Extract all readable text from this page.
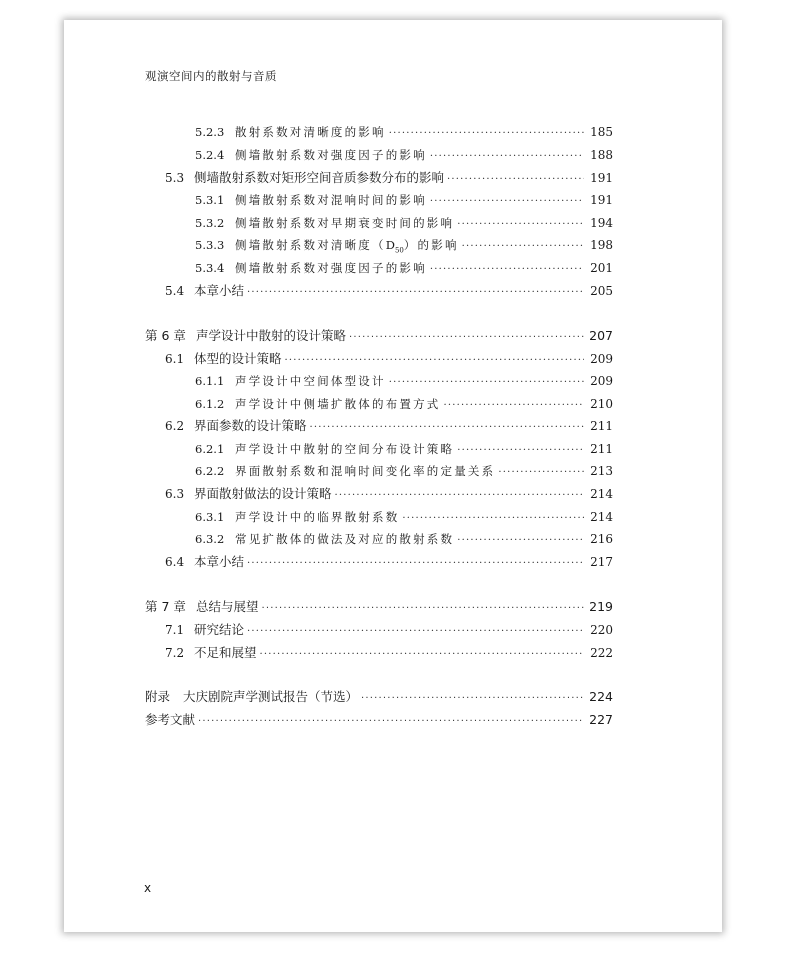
观演空间内的散射与音质
5.2.3 散射系数对清晰度的影响 ·····	185
5.2.4 侧墙散射系数对强度因子的影响 ·····	188
5.3 侧墙散射系数对矩形空间音质参数分布的影响 ·····	191
5.3.1 侧墙散射系数对混响时间的影响 ·····	191
5.3.2 侧墙散射系数对早期衰变时间的影响 ·····	194
5.3.3 侧墙散射系数对清晰度$(D_{50})$的影响 ·····	198
5.3.4 侧墙散射系数对强度因子的影响 ·····	201
5.4 本章小结 ·····	205
第 6 章 声学设计中散射的设计策略 ·····	207
6.1 体型的设计策略 ·····	209
6.1.1 声学设计中空间体型设计 ·····	209
6.1.2 声学设计中侧墙扩散体的布置方式 ·····	210
6.2 界面参数的设计策略 ·····	211
6.2.1 声学设计中散射的空间分布设计策略 ·····	211
6.2.2 界面散射系数和混响时间变化率的定量关系 ·····	213
6.3 界面散射做法的设计策略 ·····	214
6.3.1 声学设计中的临界散射系数 ·····	214
6.3.2 常见扩散体的做法及对应的散射系数 ·····	216
6.4 本章小结 ·····	217
第 7 章 总结与展望 ·····	219
7.1 研究结论 ·····	220
7.2 不足和展望 ·····	222
附录	大庆剧院声学测试报告（节选） ·····	224
参考文献 ·····	227
x
